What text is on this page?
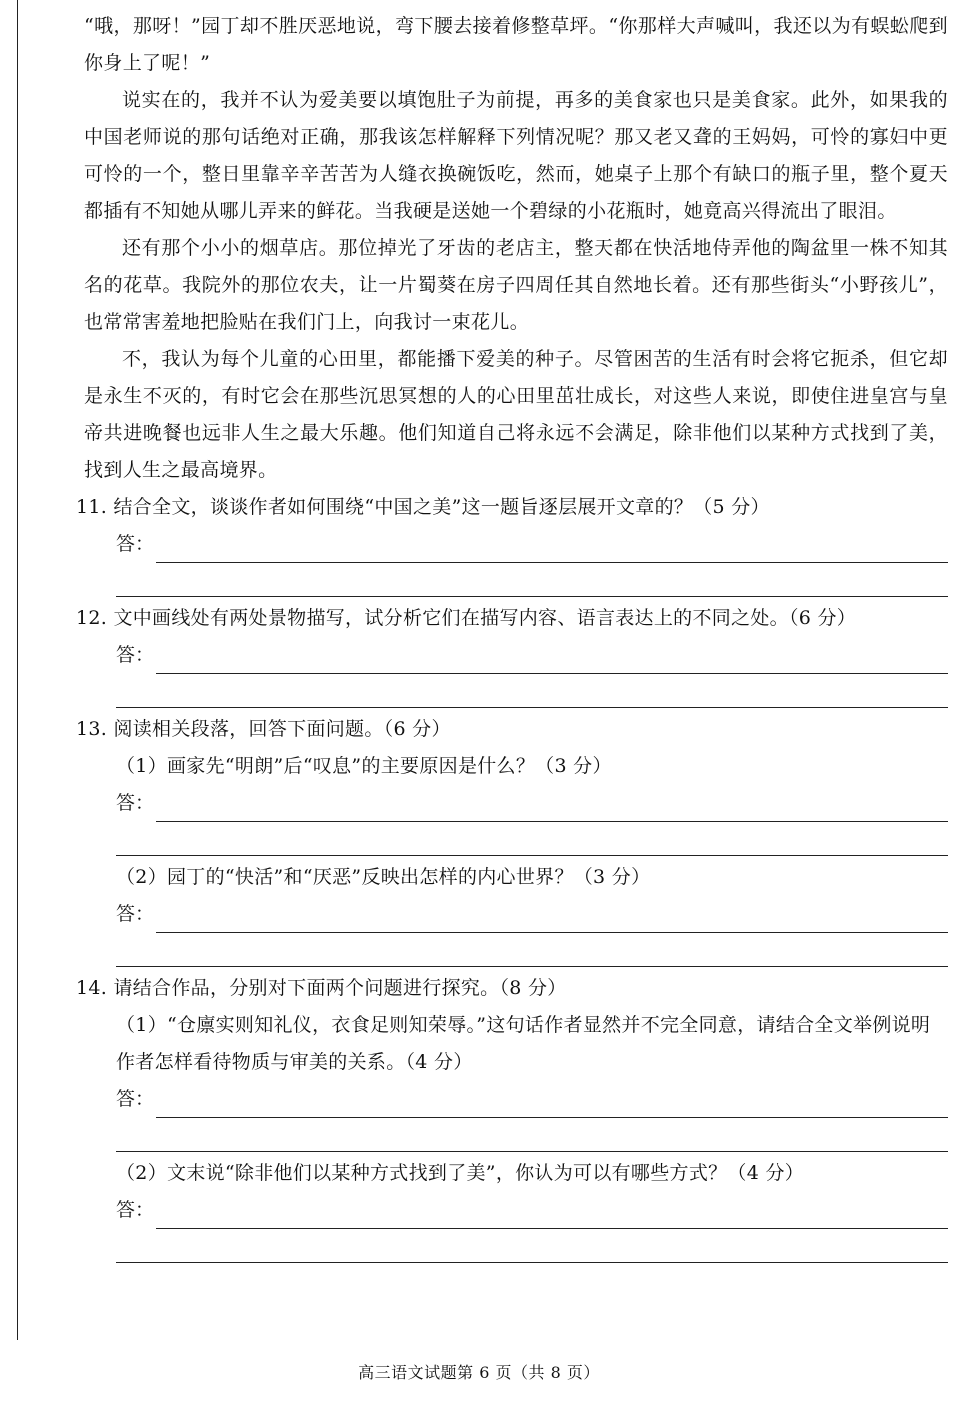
“哦，那呀！”园丁却不胜厌恶地说，弯下腰去接着修整草坪。“你那样大声喊叫，我还以为有蜈蚣爬到你身上了呢！”

说实在的，我并不认为爱美要以填饱肚子为前提，再多的美食家也只是美食家。此外，如果我的中国老师说的那句话绝对正确，那我该怎样解释下列情况呢？那又老又聋的王妈妈，可怜的寡妇中更可怜的一个，整日里靠辛辛苦苦为人缝衣换碗饭吃，然而，她桌子上那个有缺口的瓶子里，整个夏天都插有不知她从哪儿弄来的鲜花。当我硬是送她一个碧绿的小花瓶时，她竟高兴得流出了眼泪。

还有那个小小的烟草店。那位掉光了牙齿的老店主，整天都在快活地侍弄他的陶盆里一株不知其名的花草。我院外的那位农夫，让一片蜀葵在房子四周任其自然地长着。还有那些街头“小野孩儿”，也常常害羞地把脸贴在我们门上，向我讨一束花儿。

不，我认为每个儿童的心田里，都能播下爱美的种子。尽管困苦的生活有时会将它扼杀，但它却是永生不灭的，有时它会在那些沉思冥想的人的心田里茁壮成长，对这些人来说，即使住进皇宫与皇帝共进晚餐也远非人生之最大乐趣。他们知道自己将永远不会满足，除非他们以某种方式找到了美，找到人生之最高境界。

11. 结合全文，谈谈作者如何围绕“中国之美”这一题旨逐层展开文章的？（5 分）

答：

12. 文中画线处有两处景物描写，试分析它们在描写内容、语言表达上的不同之处。（6 分）

答：

13. 阅读相关段落，回答下面问题。（6 分）

（1）画家先“明朗”后“叹息”的主要原因是什么？（3 分）

答：

（2）园丁的“快活”和“厌恶”反映出怎样的内心世界？（3 分）

答：

14. 请结合作品，分别对下面两个问题进行探究。（8 分）

（1）“仓廪实则知礼仪，衣食足则知荣辱。”这句话作者显然并不完全同意，请结合全文举例说明作者怎样看待物质与审美的关系。（4 分）

答：

（2）文末说“除非他们以某种方式找到了美”，你认为可以有哪些方式？（4 分）

答：
高三语文试题第 6 页（共 8 页）
